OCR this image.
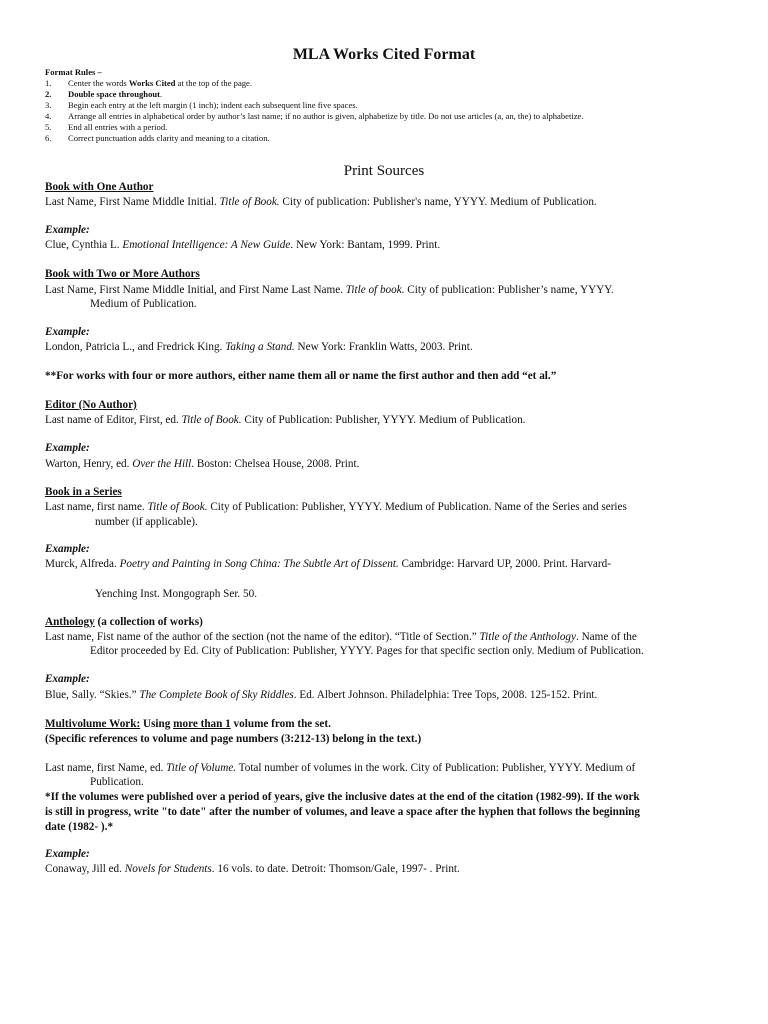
MLA Works Cited Format
Format Rules –
1. Center the words Works Cited at the top of the page.
2. Double space throughout.
3. Begin each entry at the left margin (1 inch); indent each subsequent line five spaces.
4. Arrange all entries in alphabetical order by author’s last name; if no author is given, alphabetize by title. Do not use articles (a, an, the) to alphabetize.
5. End all entries with a period.
6. Correct punctuation adds clarity and meaning to a citation.
Print Sources
Book with One Author
Last Name, First Name Middle Initial. Title of Book. City of publication: Publisher's name, YYYY. Medium of Publication.
Example:
Clue, Cynthia L. Emotional Intelligence: A New Guide. New York: Bantam, 1999. Print.
Book with Two or More Authors
Last Name, First Name Middle Initial, and First Name Last Name. Title of book. City of publication: Publisher’s name, YYYY.
Medium of Publication.
Example:
London, Patricia L., and Fredrick King. Taking a Stand. New York: Franklin Watts, 2003. Print.
**For works with four or more authors, either name them all or name the first author and then add “et al.”
Editor (No Author)
Last name of Editor, First, ed. Title of Book. City of Publication: Publisher, YYYY. Medium of Publication.
Example:
Warton, Henry, ed. Over the Hill. Boston: Chelsea House, 2008. Print.
Book in a Series
Last name, first name. Title of Book. City of Publication: Publisher, YYYY. Medium of Publication. Name of the Series and series
number (if applicable).
Example:
Murck, Alfreda. Poetry and Painting in Song China: The Subtle Art of Dissent. Cambridge: Harvard UP, 2000. Print. Harvard-
Yenching Inst. Mongograph Ser. 50.
Anthology (a collection of works)
Last name, Fist name of the author of the section (not the name of the editor). “Title of Section.” Title of the Anthology. Name of the
Editor proceeded by Ed. City of Publication: Publisher, YYYY. Pages for that specific section only. Medium of Publication.
Example:
Blue, Sally. “Skies.” The Complete Book of Sky Riddles. Ed. Albert Johnson. Philadelphia: Tree Tops, 2008. 125-152. Print.
Multivolume Work: Using more than 1 volume from the set.
(Specific references to volume and page numbers (3:212-13) belong in the text.)
Last name, first Name, ed. Title of Volume. Total number of volumes in the work. City of Publication: Publisher, YYYY. Medium of
Publication.
*If the volumes were published over a period of years, give the inclusive dates at the end of the citation (1982-99). If the work
is still in progress, write "to date" after the number of volumes, and leave a space after the hyphen that follows the beginning
date (1982- ).*
Example:
Conaway, Jill ed. Novels for Students. 16 vols. to date. Detroit: Thomson/Gale, 1997- . Print.
